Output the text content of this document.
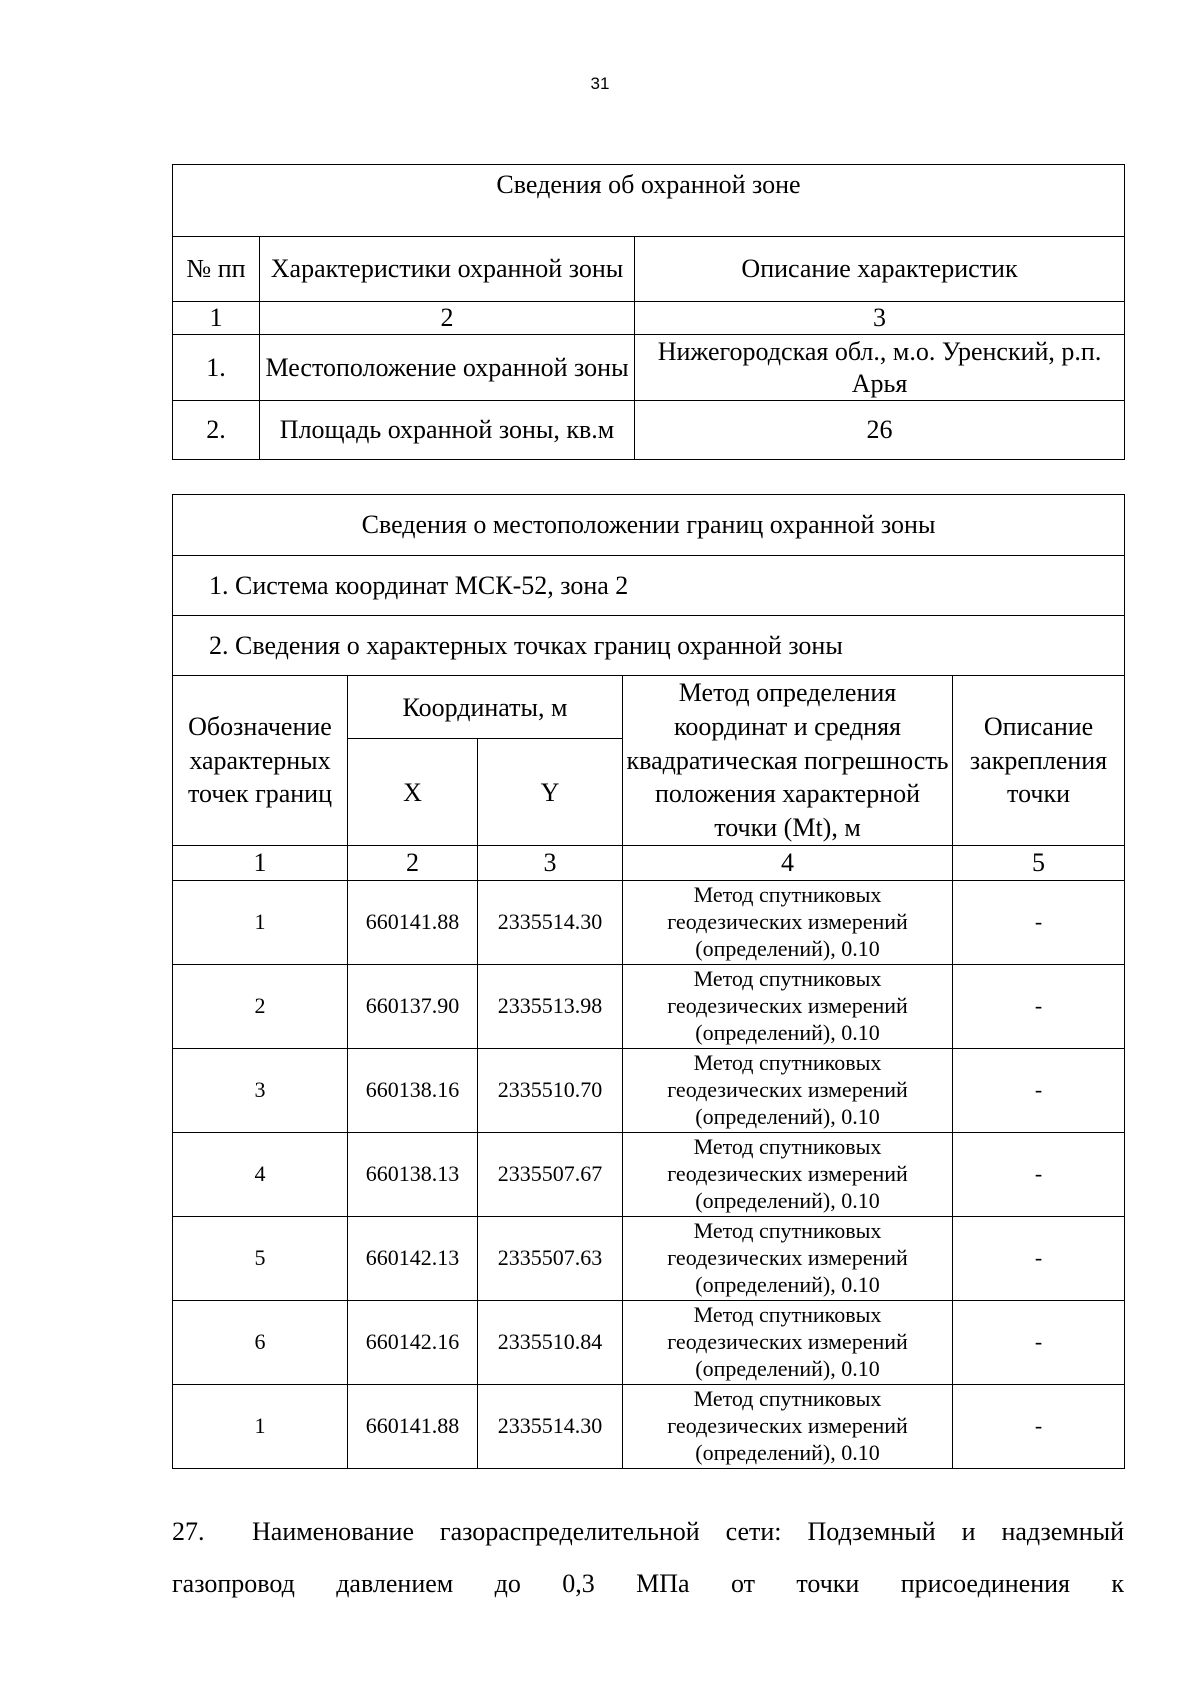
31
Сведения об охранной зоне		
№ пп	Характеристики охранной зоны	Описание характеристик
1	2	3
1.	Местоположение охранной зоны	Нижегородская обл., м.о. Уренский, р.п. Арья
2.	Площадь охранной зоны, кв.м	26
Сведения о местоположении границ охранной зоны				
1. Система координат МСК-52, зона 2				
2. Сведения о характерных точках границ охранной зоны				
Обозначение характерных точек границ	Координаты, м		Метод определения координат и средняя квадратическая погрешность положения характерной точки (Mt), м	Описание закрепления точки
	X	Y		
1	2	3	4	5
1	660141.88	2335514.30	Метод спутниковых геодезических измерений (определений), 0.10	-
2	660137.90	2335513.98	Метод спутниковых геодезических измерений (определений), 0.10	-
3	660138.16	2335510.70	Метод спутниковых геодезических измерений (определений), 0.10	-
4	660138.13	2335507.67	Метод спутниковых геодезических измерений (определений), 0.10	-
5	660142.13	2335507.63	Метод спутниковых геодезических измерений (определений), 0.10	-
6	660142.16	2335510.84	Метод спутниковых геодезических измерений (определений), 0.10	-
1	660141.88	2335514.30	Метод спутниковых геодезических измерений (определений), 0.10	-
27. Наименование газораспределительной сети: Подземный и надземный
газопровод давлением до 0,3 МПа от точки присоединения к
